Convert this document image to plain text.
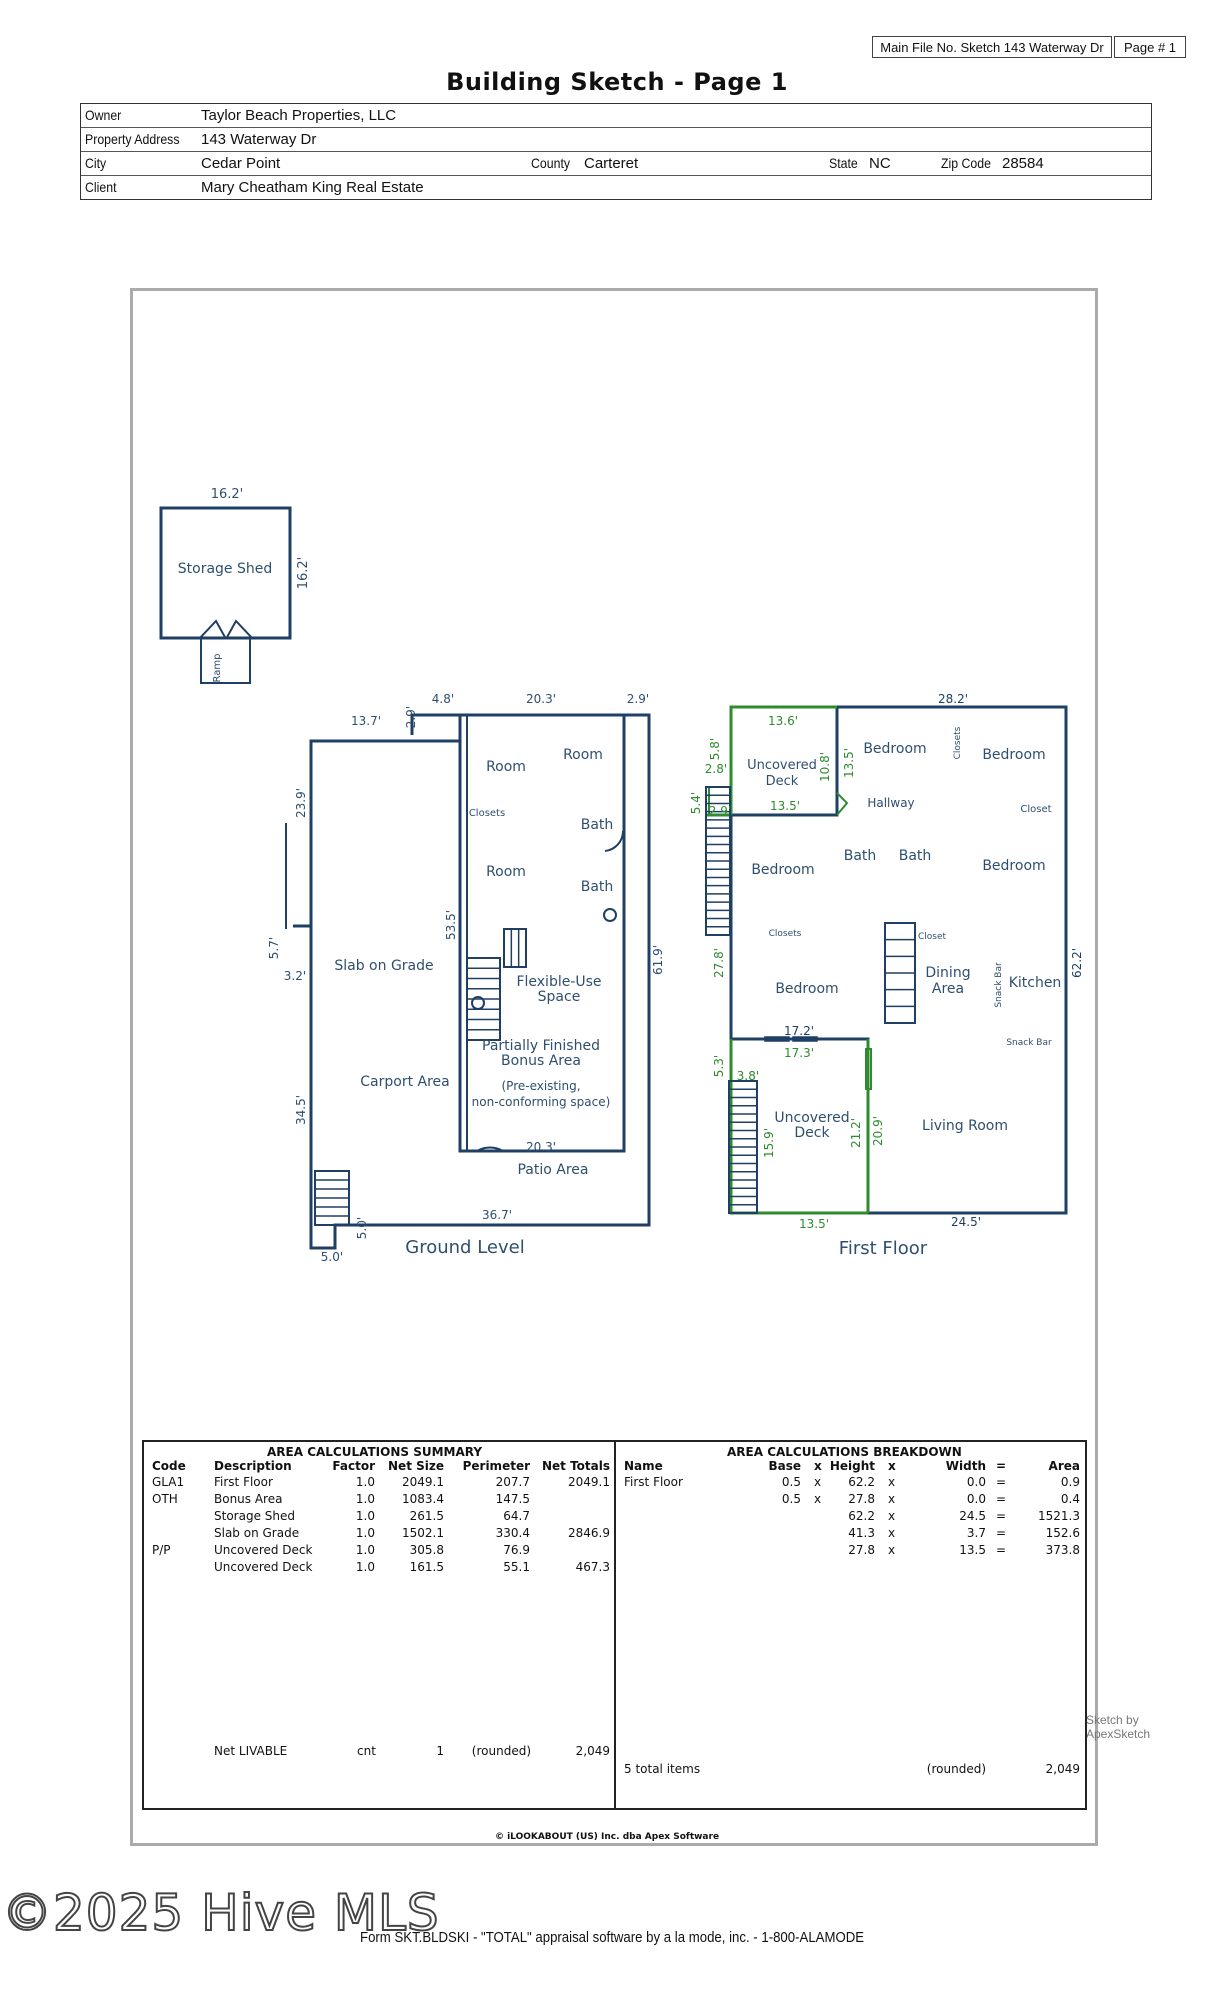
Main File No. Sketch 143 Waterway Dr	Page # 1
Building Sketch - Page 1
Owner	Taylor Beach Properties, LLC
Property Address 143 Waterway Dr
City	Cedar Point	County Carteret	State NC	Zip Code 28584
Client	Mary Cheatham King Real Estate
Storage Shed
16.2'
16.2'
Ramp
Room
Room
Closets
Bath
Room
Bath
Slab on Grade
Flexible-Use
Space
Partially Finished
Bonus Area
Carport Area	(Pre-existing,
non-conforming space)
Patio Area
13.7' 2.9'
4.8'	20.3'	2.9'
23.9'
5.7'
3.2'
53.5'
61.9'
34.5'
20.3'
36.7'
5.0'
5.0'	Ground Level
Uncovered
Deck
Bedroom	Closets Bedroom
Hallway	Closet
Bedroom
Bath Bath
Bedroom
Closets	Closet
Dining
Area
Bedroom	Snack Bar Kitchen
Snack Bar
Uncovered
Deck	Living Room
13.6'
28.2'
5.8'
2.8'	10.8' 13.5'
13.5'
5.4' 2.9'
27.8'	62.2'
17.2'
17.3'
5.3' 3.8'
21.2' 20.9'
15.9'
13.5'	24.5'
First Floor
Sketch by ApexSketch
AREA CALCULATIONS SUMMARY
Code Description	Factor Net Size Perimeter Net Totals
GLA1 First Floor	1.0 2049.1	207.7	2049.1
OTH	Bonus Area	1.0 1083.4	147.5
Storage Shed	1.0	261.5	64.7
Slab on Grade	1.0 1502.1	330.4	2846.9
P/P	Uncovered Deck	1.0	305.8	76.9
Uncovered Deck	1.0	161.5	55.1	467.3
Net LIVABLE	cnt	1 (rounded)	2,049
AREA CALCULATIONS BREAKDOWN
Name	Base x Height x	Width =	Area
First Floor	0.5 x 62.2 x	0.0 =	0.9
0.5 x 27.8 x	0.0 =	0.4
62.2 x	24.5 =	1521.3
41.3 x	3.7 =	152.6
27.8 x	13.5 =	373.8
5 total items	(rounded)	2,049
© iLOOKABOUT (US) Inc. dba Apex Software
Form SKT.BLDSKI - "TOTAL" appraisal software by a la mode, inc. - 1-800-ALAMODE
©2025 Hive MLS
